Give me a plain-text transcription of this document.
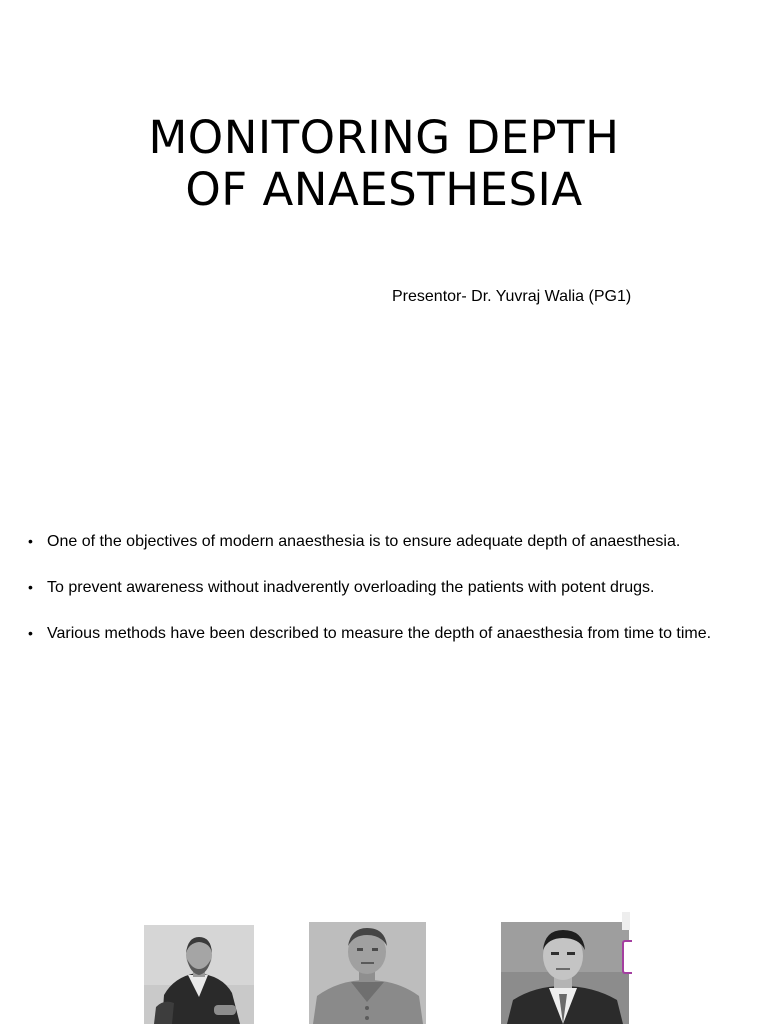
MONITORING DEPTH
OF ANAESTHESIA
Presentor- Dr. Yuvraj Walia (PG1)
• One of the objectives of modern anaesthesia is to ensure adequate depth of anaesthesia.
• To prevent awareness without inadverently overloading the patients with potent drugs.
• Various methods have been described to measure the depth of anaesthesia from time to time.
